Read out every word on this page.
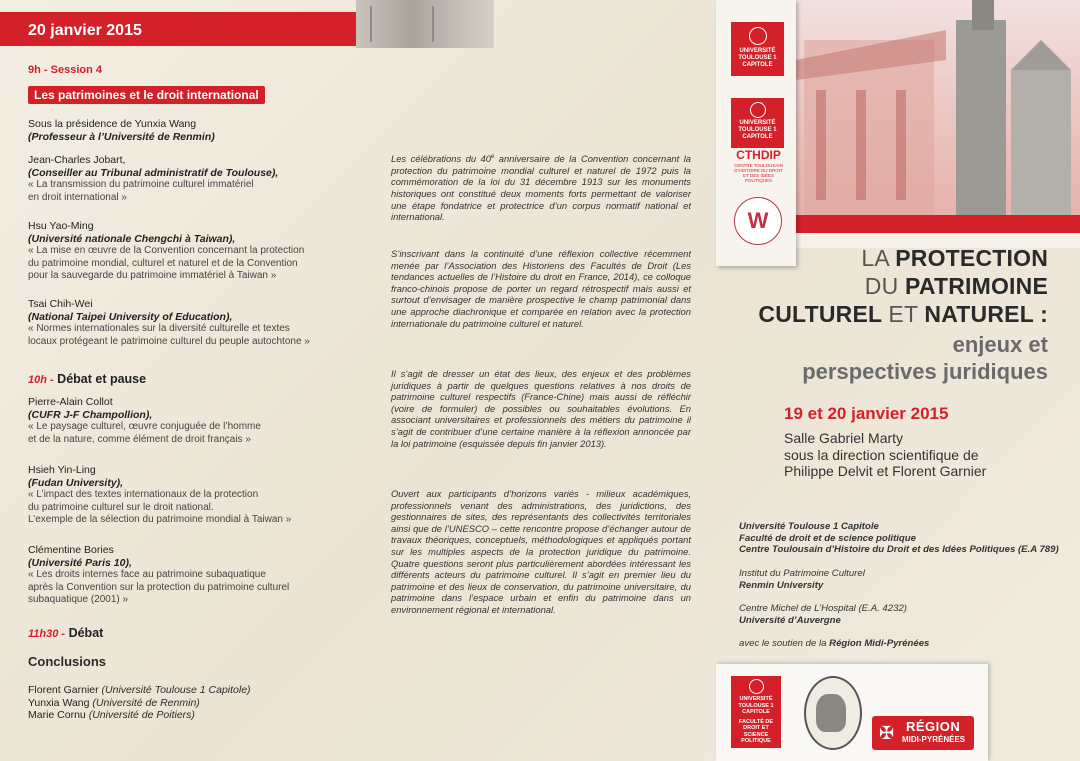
20 janvier 2015
9h - Session 4
Les patrimoines et le droit international
Sous la présidence de Yunxia Wang
(Professeur à l’Université de Renmin)
Jean-Charles Jobart,
(Conseiller au Tribunal administratif de Toulouse),
« La transmission du patrimoine culturel immatériel
en droit international »
Hsu Yao-Ming
(Université nationale Chengchi à Taiwan),
« La mise en œuvre de la Convention concernant la protection
du patrimoine mondial, culturel et naturel et de la Convention
pour la sauvegarde du patrimoine immatériel à Taiwan »
Tsai Chih-Wei
(National Taipei University of Education),
« Normes internationales sur la diversité culturelle et textes
locaux protégeant le patrimoine culturel du peuple autochtone »
10h - Débat et pause
Pierre-Alain Collot
(CUFR J-F Champollion),
« Le paysage culturel, œuvre conjuguée de l’homme
et de la nature, comme élément de droit français »
Hsieh Yin-Ling
(Fudan University),
« L’impact des textes internationaux de la protection
du patrimoine culturel sur le droit national.
L’exemple de la sélection du patrimoine mondial à Taiwan »
Clémentine Bories
(Université Paris 10),
« Les droits internes face au patrimoine subaquatique
après la Convention sur la protection du patrimoine culturel
subaquatique (2001) »
11h30 - Débat
Conclusions
Florent Garnier (Université Toulouse 1 Capitole)
Yunxia Wang (Université de Renmin)
Marie Cornu (Université de Poitiers)
Les célébrations du 40e anniversaire de la Convention concernant la protection du patrimoine mondial culturel et naturel de 1972 puis la commémoration de la loi du 31 décembre 1913 sur les monuments historiques ont constitué deux moments forts permettant de valoriser une étape fondatrice et protectrice d’un corpus normatif national et international.
S’inscrivant dans la continuité d’une réflexion collective récemment menée par l’Association des Historiens des Facultés de Droit (Les tendances actuelles de l’Histoire du droit en France, 2014), ce colloque franco-chinois propose de porter un regard rétrospectif mais aussi et surtout d’envisager de manière prospective le champ patrimonial dans une approche diachronique et comparée en relation avec la protection internationale du patrimoine culturel et naturel.
Il s’agit de dresser un état des lieux, des enjeux et des problèmes juridiques à partir de quelques questions relatives à nos droits de patrimoine culturel respectifs (France-Chine) mais aussi de réfléchir (voire de formuler) de possibles ou souhaitables évolutions. En associant universitaires et professionnels des métiers du patrimoine il s’agit de contribuer d’une certaine manière à la réflexion annoncée par la loi patrimoine (esquissée depuis fin janvier 2013).
Ouvert aux participants d’horizons variés - milieux académiques, professionnels venant des administrations, des juridictions, des gestionnaires de sites, des représentants des collectivités territoriales ainsi que de l’UNESCO – cette rencontre propose d’échanger autour de travaux théoriques, conceptuels, méthodologiques et appliqués portant sur les multiples aspects de la protection juridique du patrimoine. Quatre questions seront plus particulièrement abordées intéressant les différents acteurs du patrimoine culturel. Il s’agit en premier lieu du patrimoine et des lieux de conservation, du patrimoine universitaire, du patrimoine dans l’espace urbain et enfin du patrimoine dans un environnement régional et international.
UNIVERSITÉ TOULOUSE 1 CAPITOLE
UNIVERSITÉ TOULOUSE 1 CAPITOLE
CTHDIP
CENTRE TOULOUSAIN D’HISTOIRE DU DROIT ET DES IDÉES POLITIQUES
W
LA PROTECTION
DU PATRIMOINE
CULTUREL ET NATUREL :
enjeux et
perspectives juridiques
19 et 20 janvier 2015
Salle Gabriel Marty
sous la direction scientifique de
Philippe Delvit et Florent Garnier
Université Toulouse 1 Capitole
Faculté de droit et de science politique
Centre Toulousain d’Histoire du Droit et des Idées Politiques (E.A 789)
Institut du Patrimoine Culturel
Renmin University
Centre Michel de L’Hospital (E.A. 4232)
Université d’Auvergne
avec le soutien de la Région Midi-Pyrénées
UNIVERSITÉ TOULOUSE 1 CAPITOLE
FACULTÉ DE DROIT ET SCIENCE POLITIQUE	✠ RÉGION
MIDI-PYRÉNÉES
